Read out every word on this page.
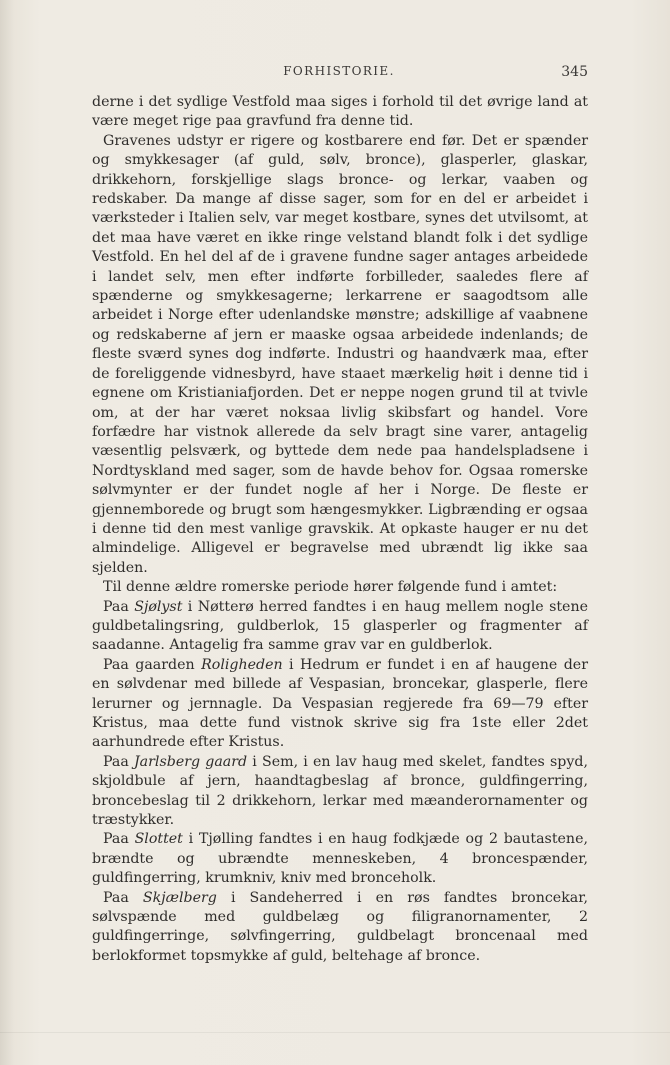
FORHISTORIE.	345

derne i det sydlige Vestfold maa siges i forhold til det øvrige land at være meget rige paa gravfund fra denne tid.

Gravenes udstyr er rigere og kostbarere end før. Det er spænder og smykkesager (af guld, sølv, bronce), glasperler, glaskar, drikkehorn, forskjellige slags bronce- og lerkar, vaaben og redskaber. Da mange af disse sager, som for en del er arbeidet i værksteder i Italien selv, var meget kostbare, synes det utvilsomt, at det maa have været en ikke ringe velstand blandt folk i det sydlige Vestfold. En hel del af de i gravene fundne sager antages arbeidede i landet selv, men efter indførte forbilleder, saaledes flere af spænderne og smykkesagerne; lerkarrene er saagodtsom alle arbeidet i Norge efter udenlandske mønstre; adskillige af vaabnene og redskaberne af jern er maaske ogsaa arbeidede indenlands; de fleste sværd synes dog indførte. Industri og haandværk maa, efter de foreliggende vidnesbyrd, have staaet mærkelig høit i denne tid i egnene om Kristianiafjorden. Det er neppe nogen grund til at tvivle om, at der har været noksaa livlig skibsfart og handel. Vore forfædre har vistnok allerede da selv bragt sine varer, antagelig væsentlig pelsværk, og byttede dem nede paa handelspladsene i Nordtyskland med sager, som de havde behov for. Ogsaa romerske sølvmynter er der fundet nogle af her i Norge. De fleste er gjennemborede og brugt som hængesmykker. Ligbrænding er ogsaa i denne tid den mest vanlige gravskik. At opkaste hauger er nu det almindelige. Alligevel er begravelse med ubrændt lig ikke saa sjelden.

Til denne ældre romerske periode hører følgende fund i amtet:

Paa Sjølyst i Nøtterø herred fandtes i en haug mellem nogle stene guldbetalingsring, guldberlok, 15 glasperler og fragmenter af saadanne. Antagelig fra samme grav var en guldberlok.

Paa gaarden Roligheden i Hedrum er fundet i en af haugene der en sølvdenar med billede af Vespasian, broncekar, glasperle, flere lerurner og jernnagle. Da Vespasian regjerede fra 69—79 efter Kristus, maa dette fund vistnok skrive sig fra 1ste eller 2det aarhundrede efter Kristus.

Paa Jarlsberg gaard i Sem, i en lav haug med skelet, fandtes spyd, skjoldbule af jern, haandtagbeslag af bronce, guldfingerring, broncebeslag til 2 drikkehorn, lerkar med mæanderornamenter og træstykker.

Paa Slottet i Tjølling fandtes i en haug fodkjæde og 2 bautastene, brændte og ubrændte menneskeben, 4 broncespænder, guldfingerring, krumkniv, kniv med bronceholk.

Paa Skjælberg i Sandeherred i en røs fandtes broncekar, sølvspænde med guldbelæg og filigranornamenter, 2 guldfingerringe, sølvfingerring, guldbelagt broncenaal med berlokformet topsmykke af guld, beltehage af bronce.
